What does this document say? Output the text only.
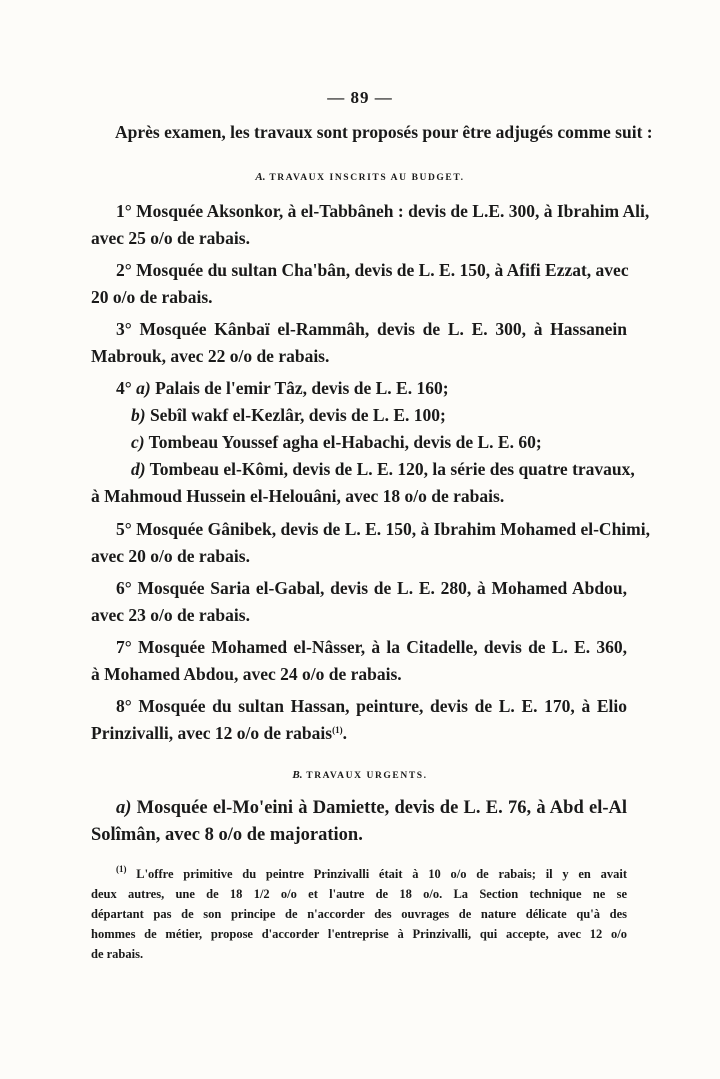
— 89 —
Après examen, les travaux sont proposés pour être adjugés comme suit :
A. TRAVAUX INSCRITS AU BUDGET.
1° Mosquée Aksonkor, à el-Tabbâneh : devis de L.E. 300, à Ibrahim Ali,
avec 25 o/o de rabais.
2° Mosquée du sultan Cha'bân, devis de L. E. 150, à Afifi Ezzat, avec
20 o/o de rabais.
3° Mosquée Kânbaï el-Rammâh, devis de L. E. 300, à Hassanein
Mabrouk, avec 22 o/o de rabais.
4° a) Palais de l'emir Tâz, devis de L. E. 160;
b) Sebîl wakf el-Kezlâr, devis de L. E. 100;
c) Tombeau Youssef agha el-Habachi, devis de L. E. 60;
d) Tombeau el-Kômi, devis de L. E. 120, la série des quatre travaux,
à Mahmoud Hussein el-Helouâni, avec 18 o/o de rabais.
5° Mosquée Gânibek, devis de L. E. 150, à Ibrahim Mohamed el-Chimi,
avec 20 o/o de rabais.
6° Mosquée Saria el-Gabal, devis de L. E. 280, à Mohamed Abdou,
avec 23 o/o de rabais.
7° Mosquée Mohamed el-Nâsser, à la Citadelle, devis de L. E. 360,
à Mohamed Abdou, avec 24 o/o de rabais.
8° Mosquée du sultan Hassan, peinture, devis de L. E. 170, à Elio
Prinzivalli, avec 12 o/o de rabais$^{(1)}$.
B. TRAVAUX URGENTS.
a) Mosquée el-Mo'eini à Damiette, devis de L. E. 76, à Abd el-Al
Solîmân, avec 8 o/o de majoration.
$^{(1)}$ L'offre primitive du peintre Prinzivalli était à 10 o/o de rabais; il y en avait
deux autres, une de 18 1/2 o/o et l'autre de 18 o/o. La Section technique ne se
départant pas de son principe de n'accorder des ouvrages de nature délicate qu'à des
hommes de métier, propose d'accorder l'entreprise à Prinzivalli, qui accepte, avec 12 o/o
de rabais.
